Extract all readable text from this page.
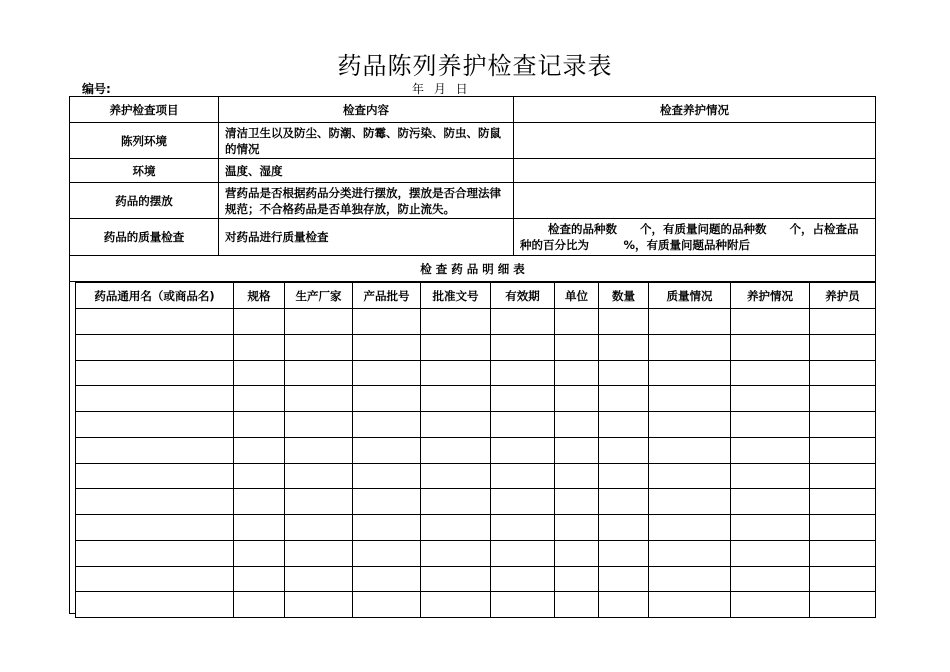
药品陈列养护检查记录表
编号:	年 月 日
养护检查项目	检查内容	检查养护情况
陈列环境	清洁卫生以及防尘、防潮、防霉、防污染、防虫、防鼠的情况	
环境	温度、湿度	
药品的摆放	营药品是否根据药品分类进行摆放，摆放是否合理法律规范；不合格药品是否单独存放，防止流失。	
药品的质量检查	对药品进行质量检查	检查的品种数　　个，有质量问题的品种数　　个，占检查品种的百分比为　　　%，有质量问题品种附后
检 查 药 品 明 细 表		
药品通用名（或商品名)	规格	生产厂家	产品批号	批准文号	有效期	单位	数量	质量情况	养护情况	养护员
